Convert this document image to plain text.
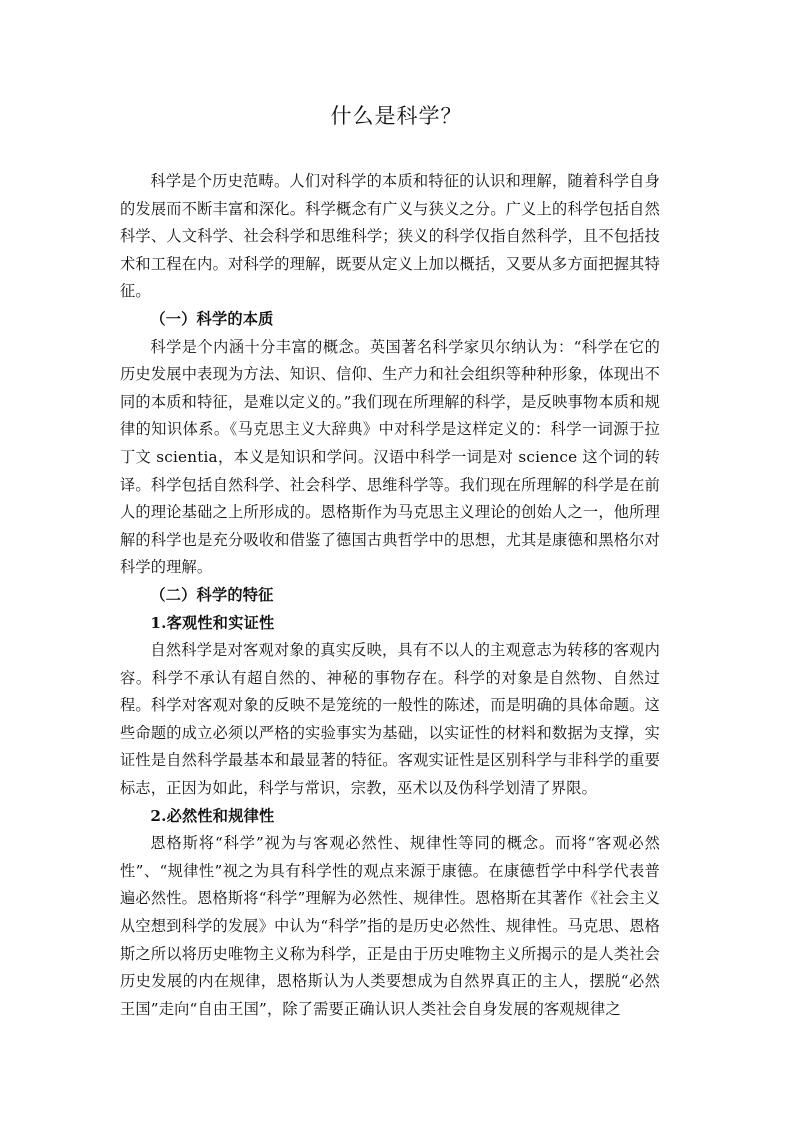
什么是科学？

科学是个历史范畴。人们对科学的本质和特征的认识和理解，随着科学自身的发展而不断丰富和深化。科学概念有广义与狭义之分。广义上的科学包括自然科学、人文科学、社会科学和思维科学；狭义的科学仅指自然科学，且不包括技术和工程在内。对科学的理解，既要从定义上加以概括，又要从多方面把握其特征。

（一）科学的本质

科学是个内涵十分丰富的概念。英国著名科学家贝尔纳认为：“科学在它的历史发展中表现为方法、知识、信仰、生产力和社会组织等种种形象，体现出不同的本质和特征，是难以定义的。”我们现在所理解的科学，是反映事物本质和规律的知识体系。《马克思主义大辞典》中对科学是这样定义的：科学一词源于拉丁文 scientia，本义是知识和学问。汉语中科学一词是对 science 这个词的转译。科学包括自然科学、社会科学、思维科学等。我们现在所理解的科学是在前人的理论基础之上所形成的。恩格斯作为马克思主义理论的创始人之一，他所理解的科学也是充分吸收和借鉴了德国古典哲学中的思想，尤其是康德和黑格尔对科学的理解。

（二）科学的特征
1.客观性和实证性

自然科学是对客观对象的真实反映，具有不以人的主观意志为转移的客观内容。科学不承认有超自然的、神秘的事物存在。科学的对象是自然物、自然过程。科学对客观对象的反映不是笼统的一般性的陈述，而是明确的具体命题。这些命题的成立必须以严格的实验事实为基础，以实证性的材料和数据为支撑，实证性是自然科学最基本和最显著的特征。客观实证性是区别科学与非科学的重要标志，正因为如此，科学与常识，宗教，巫术以及伪科学划清了界限。

2.必然性和规律性

恩格斯将“科学”视为与客观必然性、规律性等同的概念。而将“客观必然性”、“规律性”视之为具有科学性的观点来源于康德。在康德哲学中科学代表普遍必然性。恩格斯将“科学”理解为必然性、规律性。恩格斯在其著作《社会主义从空想到科学的发展》中认为“科学”指的是历史必然性、规律性。马克思、恩格斯之所以将历史唯物主义称为科学，正是由于历史唯物主义所揭示的是人类社会历史发展的内在规律，恩格斯认为人类要想成为自然界真正的主人，摆脱“必然王国”走向“自由王国”，除了需要正确认识人类社会自身发展的客观规律之
